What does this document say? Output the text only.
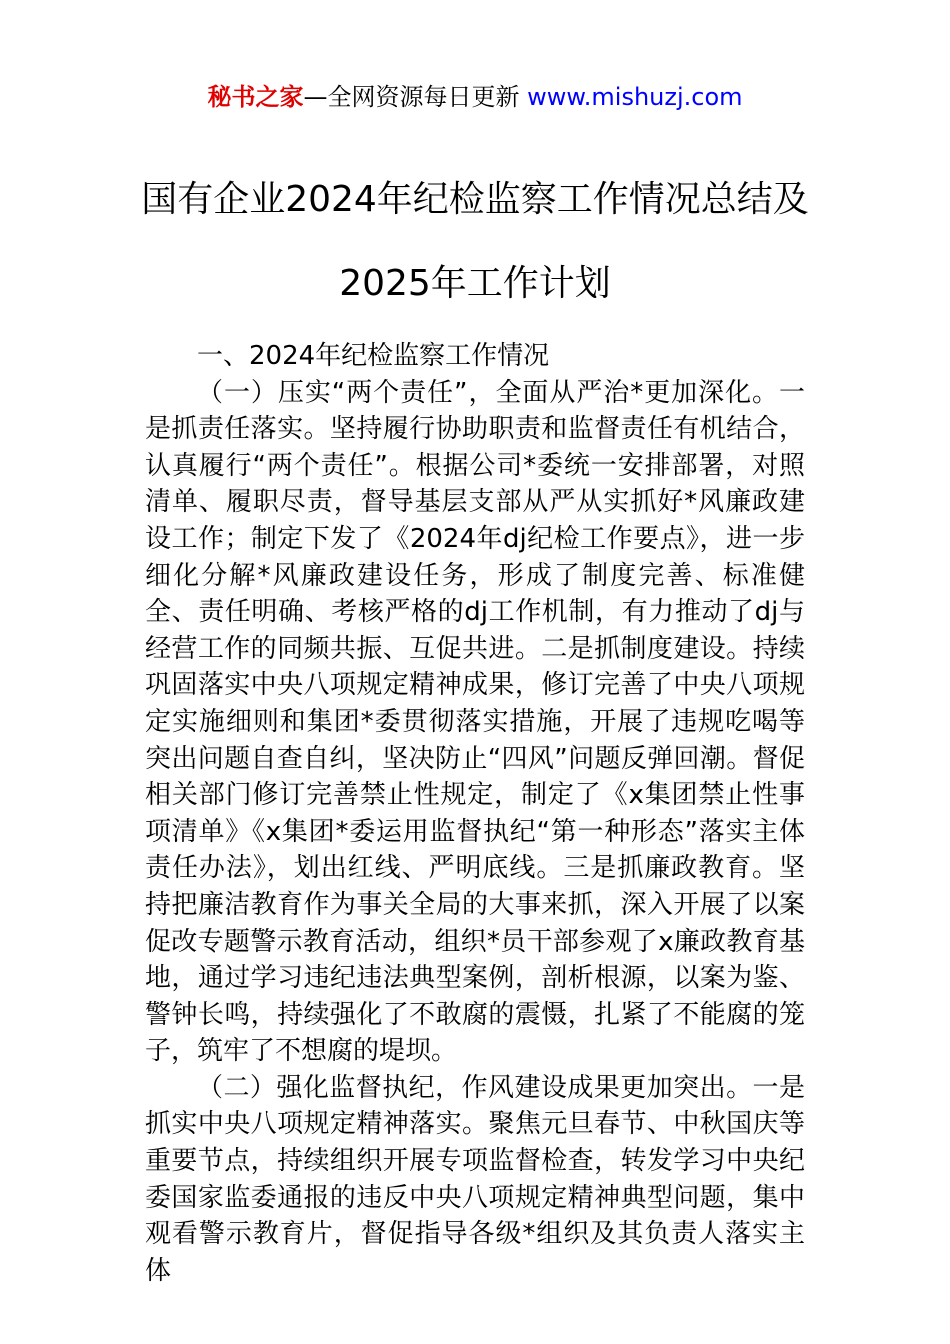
秘书之家—全网资源每日更新 www.mishuzj.com
国有企业2024年纪检监察工作情况总结及
2025年工作计划

一、2024年纪检监察工作情况

（一）压实“两个责任”，全面从严治*更加深化。一是抓责任落实。坚持履行协助职责和监督责任有机结合，认真履行“两个责任”。根据公司*委统一安排部署，对照清单、履职尽责，督导基层支部从严从实抓好*风廉政建设工作；制定下发了《2024年dj纪检工作要点》，进一步细化分解*风廉政建设任务，形成了制度完善、标准健全、责任明确、考核严格的dj工作机制，有力推动了dj与经营工作的同频共振、互促共进。二是抓制度建设。持续巩固落实中央八项规定精神成果，修订完善了中央八项规定实施细则和集团*委贯彻落实措施，开展了违规吃喝等突出问题自查自纠，坚决防止“四风”问题反弹回潮。督促相关部门修订完善禁止性规定，制定了《x集团禁止性事项清单》《x集团*委运用监督执纪“第一种形态”落实主体责任办法》，划出红线、严明底线。三是抓廉政教育。坚持把廉洁教育作为事关全局的大事来抓，深入开展了以案促改专题警示教育活动，组织*员干部参观了x廉政教育基地，通过学习违纪违法典型案例，剖析根源，以案为鉴、警钟长鸣，持续强化了不敢腐的震慑，扎紧了不能腐的笼子，筑牢了不想腐的堤坝。

（二）强化监督执纪，作风建设成果更加突出。一是抓实中央八项规定精神落实。聚焦元旦春节、中秋国庆等重要节点，持续组织开展专项监督检查，转发学习中央纪委国家监委通报的违反中央八项规定精神典型问题，集中观看警示教育片，督促指导各级*组织及其负责人落实主体
